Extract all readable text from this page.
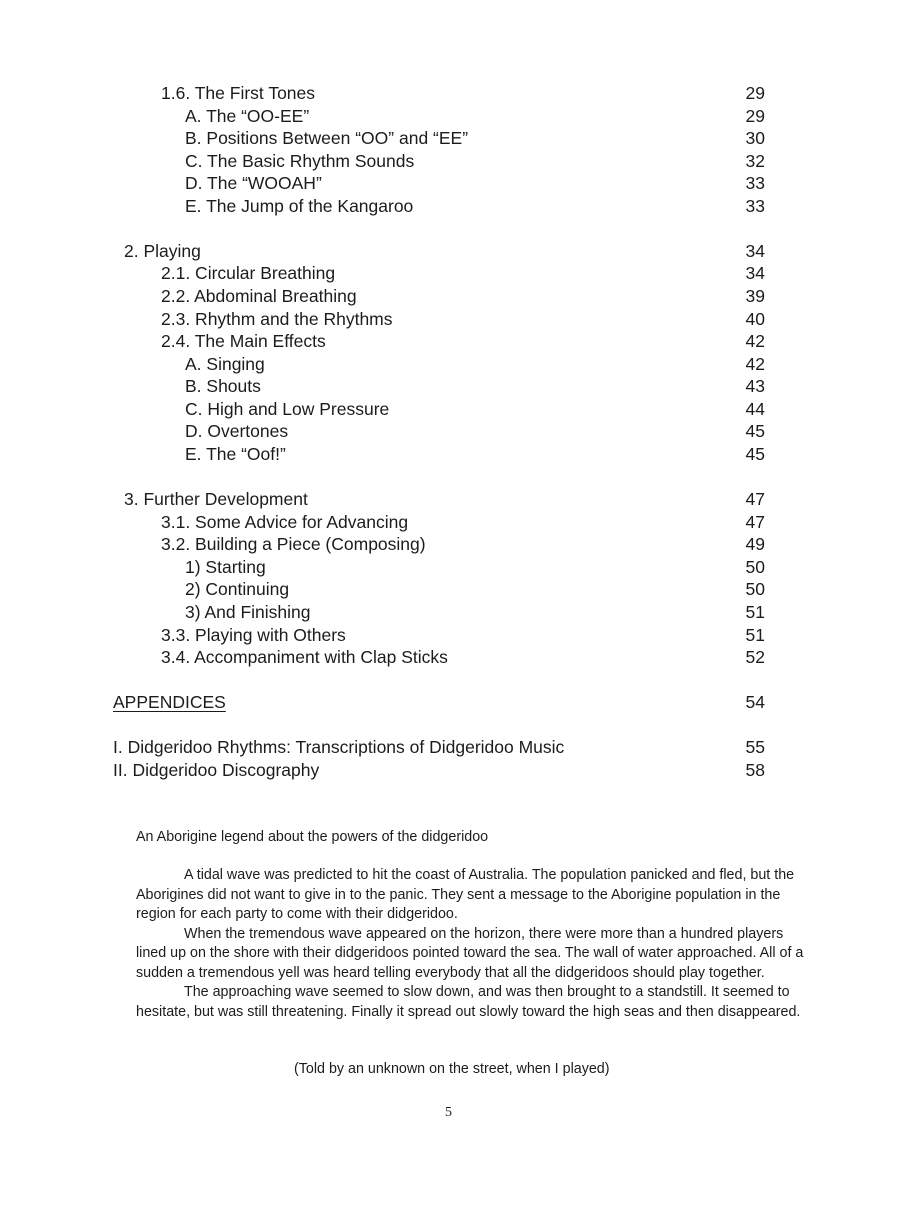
1.6. The First Tones	29
A. The “OO-EE”	29
B. Positions Between “OO” and “EE”	30
C. The Basic Rhythm Sounds	32
D. The “WOOAH”	33
E. The Jump of the Kangaroo	33
2. Playing	34
2.1. Circular Breathing	34
2.2. Abdominal Breathing	39
2.3. Rhythm and the Rhythms	40
2.4. The Main Effects	42
A. Singing	42
B. Shouts	43
C. High and Low Pressure	44
D. Overtones	45
E. The “Oof!”	45
3. Further Development	47
3.1. Some Advice for Advancing	47
3.2. Building a Piece (Composing)	49
1) Starting	50
2) Continuing	50
3) And Finishing	51
3.3. Playing with Others	51
3.4. Accompaniment with Clap Sticks	52
APPENDICES	54
I. Didgeridoo Rhythms: Transcriptions of Didgeridoo Music	55
II. Didgeridoo Discography	58
An Aborigine legend about the powers of the didgeridoo

A tidal wave was predicted to hit the coast of Australia. The population panicked and fled, but the Aborigines did not want to give in to the panic. They sent a message to the Aborigine population in the region for each party to come with their didgeridoo.

When the tremendous wave appeared on the horizon, there were more than a hundred players lined up on the shore with their didgeridoos pointed toward the sea. The wall of water approached. All of a sudden a tremendous yell was heard telling everybody that all the didgeridoos should play together.

The approaching wave seemed to slow down, and was then brought to a standstill. It seemed to hesitate, but was still threatening. Finally it spread out slowly toward the high seas and then disappeared.

(Told by an unknown on the street, when I played)
5
